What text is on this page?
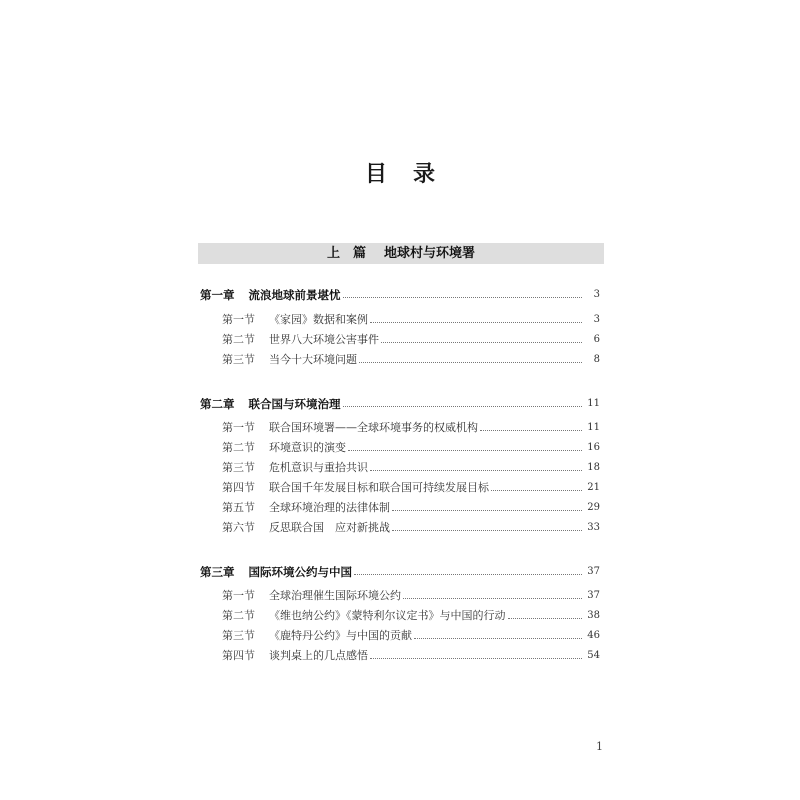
目 录
上　篇 地球村与环境署
第一章 流浪地球前景堪忧	3
第一节 《家园》数据和案例	3
第二节 世界八大环境公害事件	6
第三节 当今十大环境问题	8
第二章 联合国与环境治理	11
第一节 联合国环境署——全球环境事务的权威机构	11
第二节 环境意识的演变	16
第三节 危机意识与重拾共识	18
第四节 联合国千年发展目标和联合国可持续发展目标	21
第五节 全球环境治理的法律体制	29
第六节 反思联合国　应对新挑战	33
第三章 国际环境公约与中国	37
第一节 全球治理催生国际环境公约	37
第二节 《维也纳公约》《蒙特利尔议定书》与中国的行动	38
第三节 《鹿特丹公约》与中国的贡献	46
第四节 谈判桌上的几点感悟	54
1
